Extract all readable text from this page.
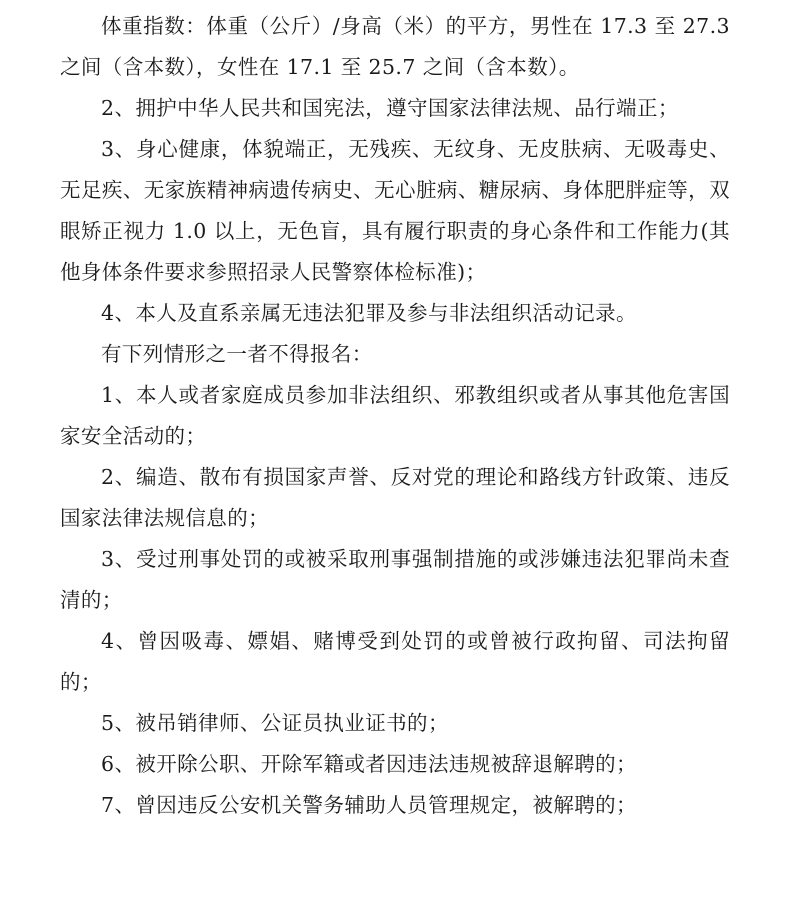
体重指数：体重（公斤）/身高（米）的平方，男性在 17.3 至 27.3 之间（含本数），女性在 17.1 至 25.7 之间（含本数）。

2、拥护中华人民共和国宪法，遵守国家法律法规、品行端正；

3、身心健康，体貌端正，无残疾、无纹身、无皮肤病、无吸毒史、无足疾、无家族精神病遗传病史、无心脏病、糖尿病、身体肥胖症等，双眼矫正视力 1.0 以上，无色盲，具有履行职责的身心条件和工作能力(其他身体条件要求参照招录人民警察体检标准)；

4、本人及直系亲属无违法犯罪及参与非法组织活动记录。

有下列情形之一者不得报名：

1、本人或者家庭成员参加非法组织、邪教组织或者从事其他危害国家安全活动的；

2、编造、散布有损国家声誉、反对党的理论和路线方针政策、违反国家法律法规信息的；

3、受过刑事处罚的或被采取刑事强制措施的或涉嫌违法犯罪尚未查清的；

4、曾因吸毒、嫖娼、赌博受到处罚的或曾被行政拘留、司法拘留的；

5、被吊销律师、公证员执业证书的；

6、被开除公职、开除军籍或者因违法违规被辞退解聘的；

7、曾因违反公安机关警务辅助人员管理规定，被解聘的；
